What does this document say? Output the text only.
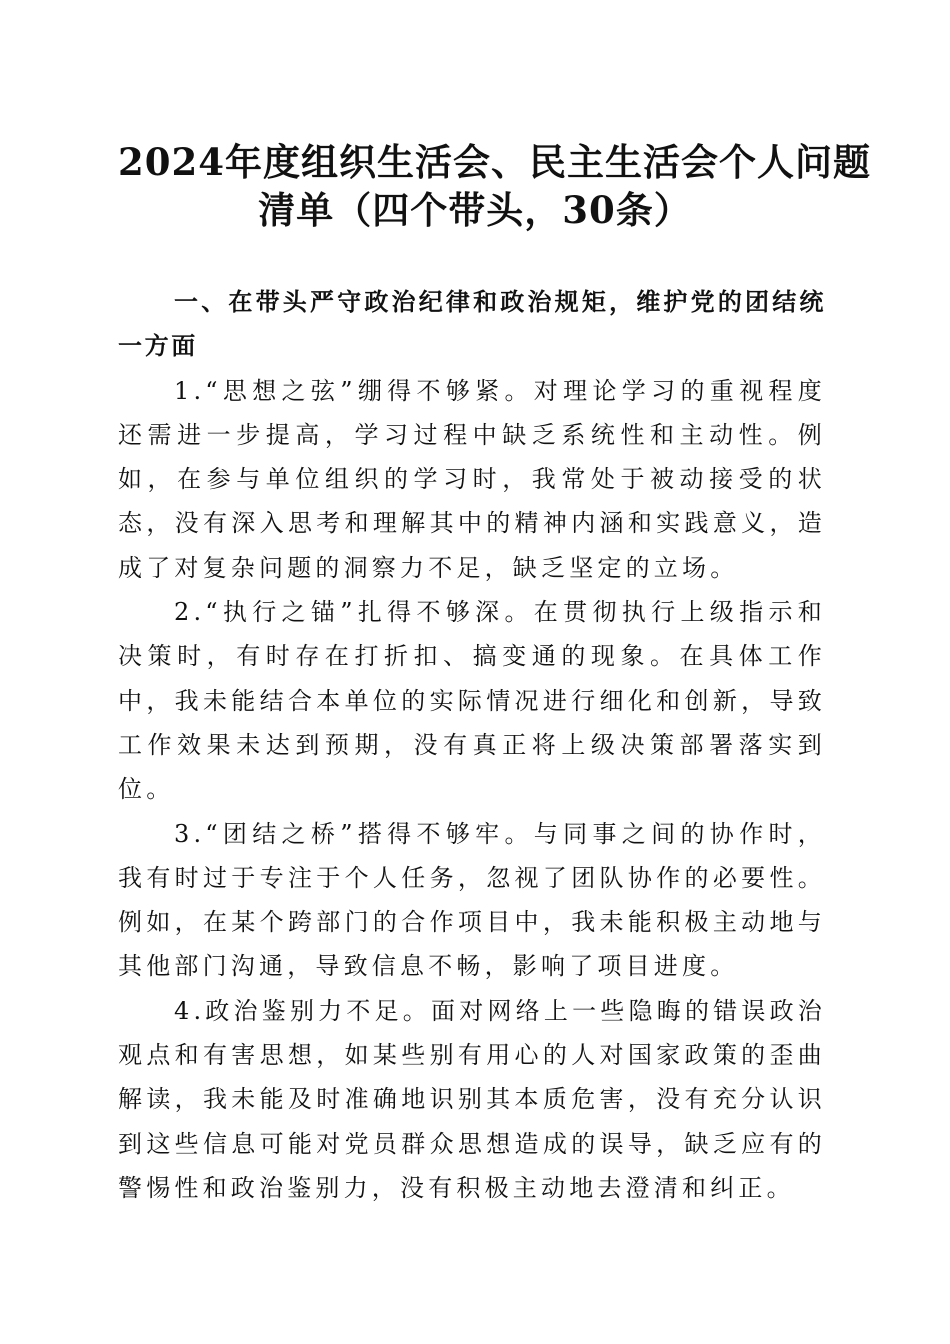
2024年度组织生活会、民主生活会个人问题
清单（四个带头，30条）

一、在带头严守政治纪律和政治规矩，维护党的团结统一方面

1.“思想之弦”绷得不够紧。对理论学习的重视程度还需进一步提高，学习过程中缺乏系统性和主动性。例如，在参与单位组织的学习时，我常处于被动接受的状态，没有深入思考和理解其中的精神内涵和实践意义，造成了对复杂问题的洞察力不足，缺乏坚定的立场。

2.“执行之锚”扎得不够深。在贯彻执行上级指示和决策时，有时存在打折扣、搞变通的现象。在具体工作中，我未能结合本单位的实际情况进行细化和创新，导致工作效果未达到预期，没有真正将上级决策部署落实到位。

3.“团结之桥”搭得不够牢。与同事之间的协作时，我有时过于专注于个人任务，忽视了团队协作的必要性。例如，在某个跨部门的合作项目中，我未能积极主动地与其他部门沟通，导致信息不畅，影响了项目进度。

4.政治鉴别力不足。面对网络上一些隐晦的错误政治观点和有害思想，如某些别有用心的人对国家政策的歪曲解读，我未能及时准确地识别其本质危害，没有充分认识到这些信息可能对党员群众思想造成的误导，缺乏应有的警惕性和政治鉴别力，没有积极主动地去澄清和纠正。
